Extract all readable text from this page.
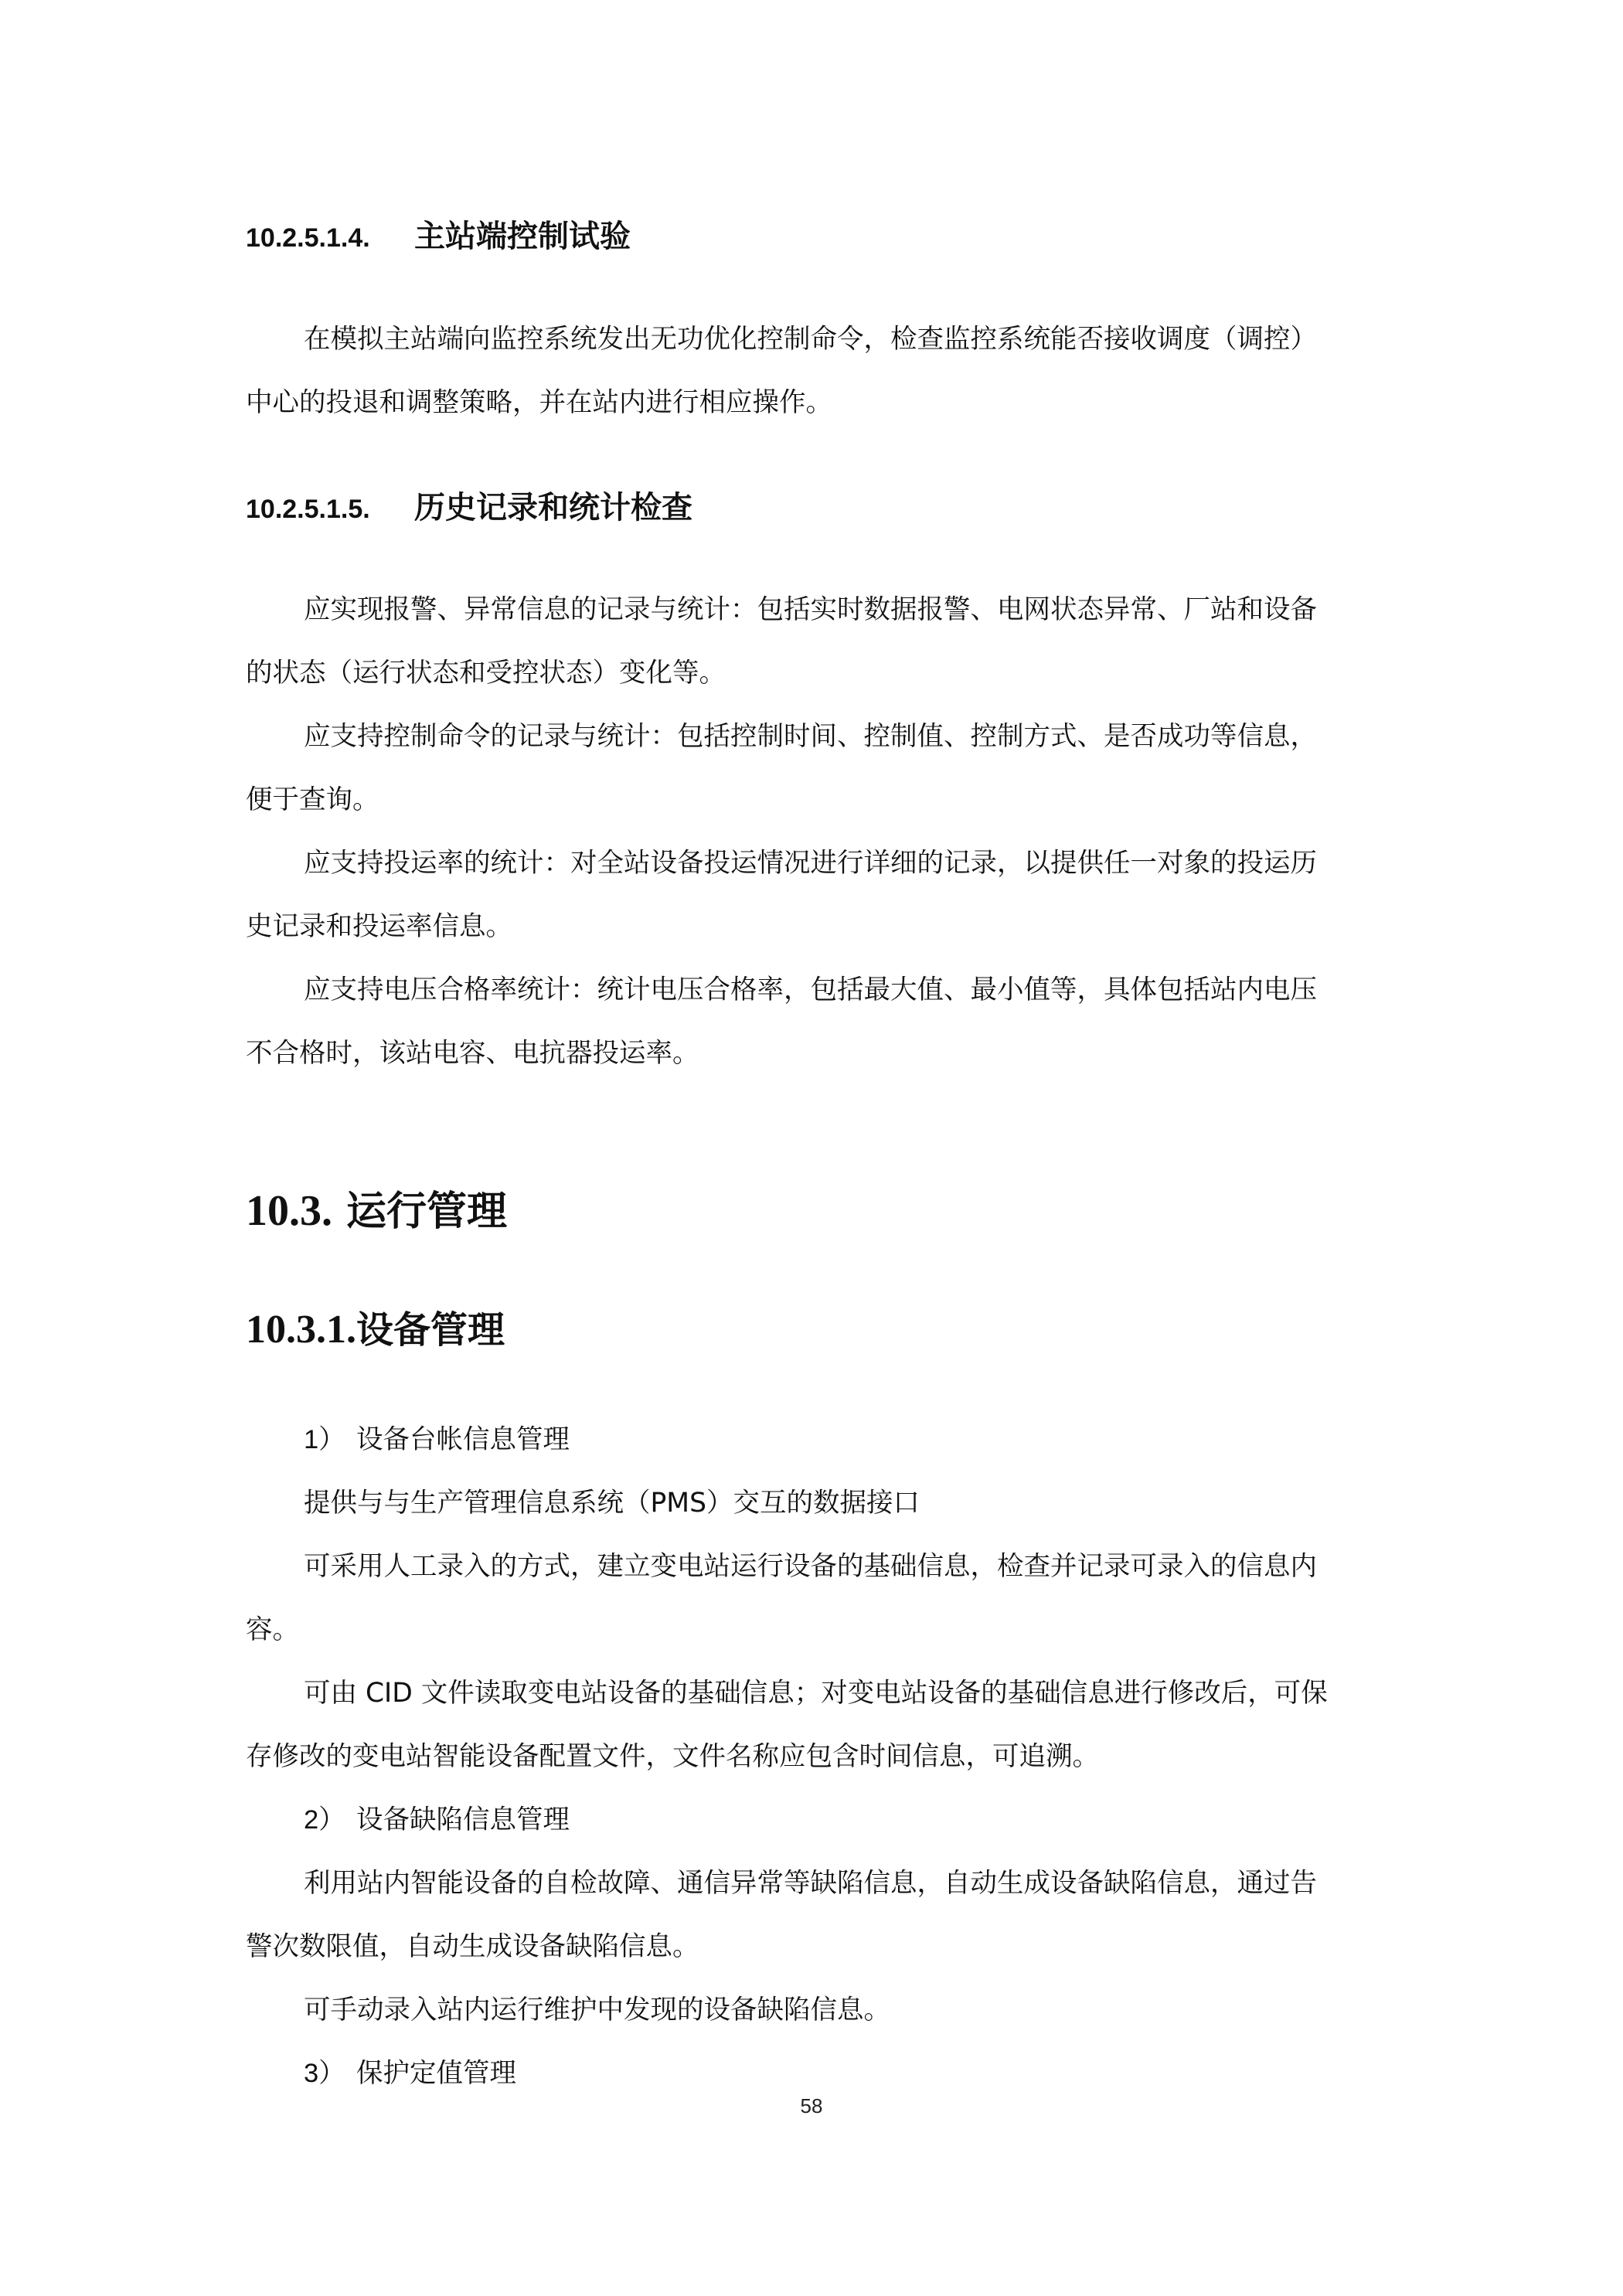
10.2.5.1.4. 主站端控制试验
在模拟主站端向监控系统发出无功优化控制命令，检查监控系统能否接收调度（调控）
中心的投退和调整策略，并在站内进行相应操作。
10.2.5.1.5. 历史记录和统计检查
应实现报警、异常信息的记录与统计：包括实时数据报警、电网状态异常、厂站和设备
的状态（运行状态和受控状态）变化等。
应支持控制命令的记录与统计：包括控制时间、控制值、控制方式、是否成功等信息，
便于查询。
应支持投运率的统计：对全站设备投运情况进行详细的记录，以提供任一对象的投运历
史记录和投运率信息。
应支持电压合格率统计：统计电压合格率，包括最大值、最小值等，具体包括站内电压
不合格时，该站电容、电抗器投运率。
10.3. 运行管理
10.3.1.设备管理
1） 设备台帐信息管理
提供与与生产管理信息系统（PMS）交互的数据接口
可采用人工录入的方式，建立变电站运行设备的基础信息，检查并记录可录入的信息内
容。
可由 CID 文件读取变电站设备的基础信息；对变电站设备的基础信息进行修改后，可保
存修改的变电站智能设备配置文件，文件名称应包含时间信息，可追溯。
2） 设备缺陷信息管理
利用站内智能设备的自检故障、通信异常等缺陷信息，自动生成设备缺陷信息，通过告
警次数限值，自动生成设备缺陷信息。
可手动录入站内运行维护中发现的设备缺陷信息。
3） 保护定值管理
58
